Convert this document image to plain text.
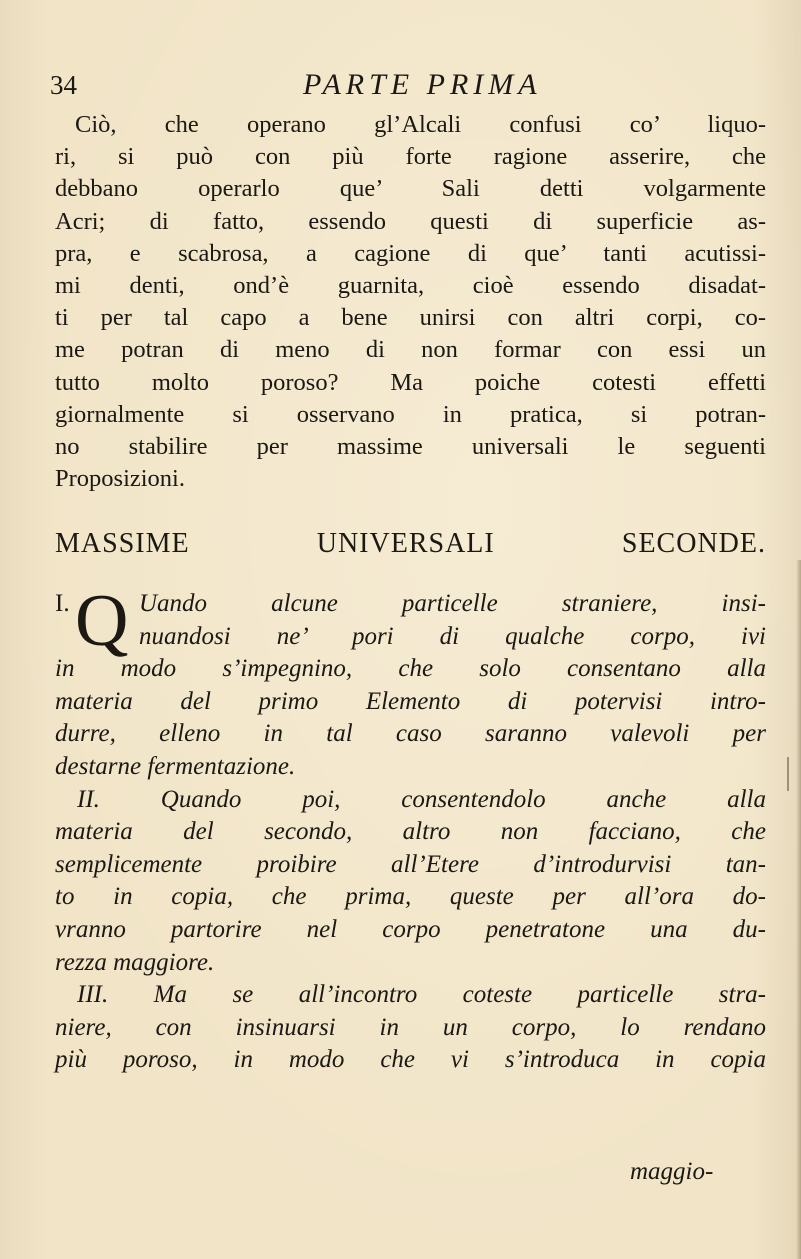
34	PARTE PRIMA
Ciò, che operano gl’Alcali confusi co’ liquo-
ri, si può con più forte ragione asserire, che
debbano operarlo que’ Sali detti volgarmente
Acri; di fatto, essendo questi di superficie as-
pra, e scabrosa, a cagione di que’ tanti acutissi-
mi denti, ond’è guarnita, cioè essendo disadat-
ti per tal capo a bene unirsi con altri corpi, co-
me potran di meno di non formar con essi un
tutto molto poroso? Ma poiche cotesti effetti
giornalmente si osservano in pratica, si potran-
no stabilire per massime universali le seguenti
Proposizioni.
MASSIME UNIVERSALI SECONDE.
I. Q Uando alcune particelle straniere, insi-
nuandosi ne’ pori di qualche corpo, ivi
in modo s’impegnino, che solo consentano alla
materia del primo Elemento di potervisi intro-
durre, elleno in tal caso saranno valevoli per
destarne fermentazione.
II. Quando poi, consentendolo anche alla
materia del secondo, altro non facciano, che
semplicemente proibire all’Etere d’introdurvisi tan-
to in copia, che prima, queste per all’ora do-
vranno partorire nel corpo penetratone una du-
rezza maggiore.
III. Ma se all’incontro coteste particelle stra-
niere, con insinuarsi in un corpo, lo rendano
più poroso, in modo che vi s’introduca in copia
maggio-
